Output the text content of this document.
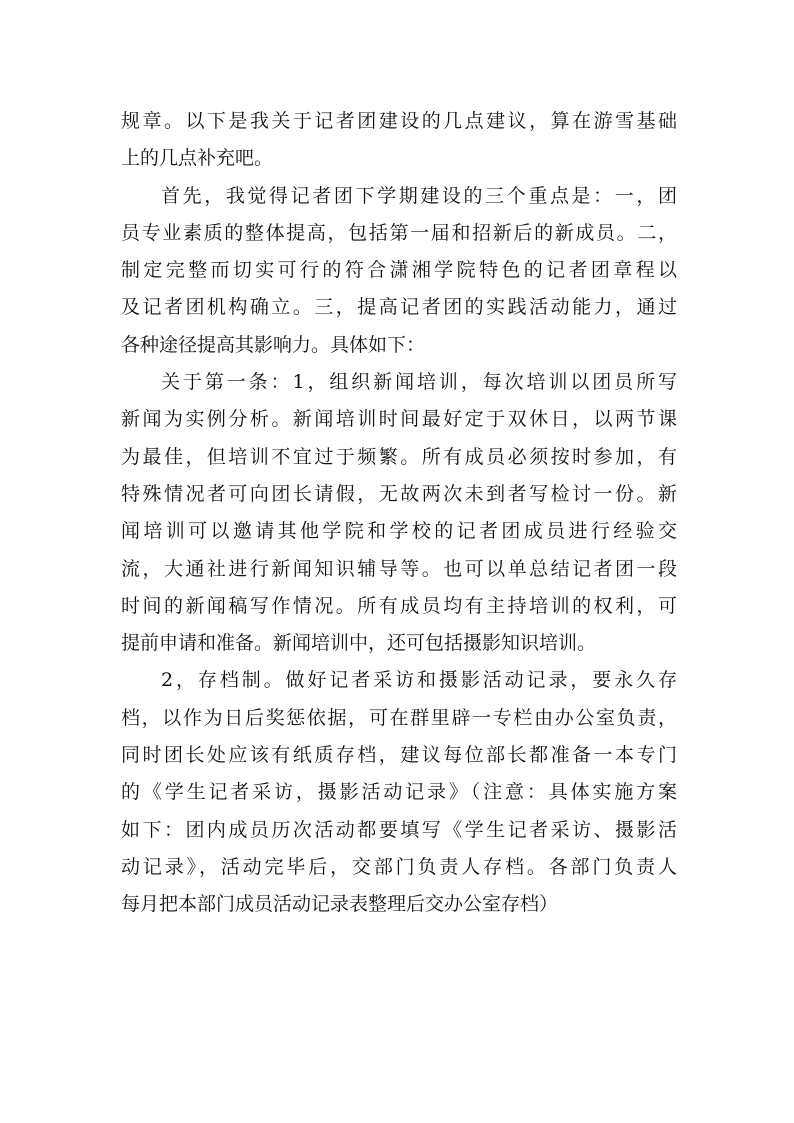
规章。以下是我关于记者团建设的几点建议，算在游雪基础
上的几点补充吧。
首先，我觉得记者团下学期建设的三个重点是：一，团
员专业素质的整体提高，包括第一届和招新后的新成员。二，
制定完整而切实可行的符合潇湘学院特色的记者团章程以
及记者团机构确立。三，提高记者团的实践活动能力，通过
各种途径提高其影响力。具体如下：
关于第一条：1，组织新闻培训，每次培训以团员所写
新闻为实例分析。新闻培训时间最好定于双休日，以两节课
为最佳，但培训不宜过于频繁。所有成员必须按时参加，有
特殊情况者可向团长请假，无故两次未到者写检讨一份。新
闻培训可以邀请其他学院和学校的记者团成员进行经验交
流，大通社进行新闻知识辅导等。也可以单总结记者团一段
时间的新闻稿写作情况。所有成员均有主持培训的权利，可
提前申请和准备。新闻培训中，还可包括摄影知识培训。
2，存档制。做好记者采访和摄影活动记录，要永久存
档，以作为日后奖惩依据，可在群里辟一专栏由办公室负责，
同时团长处应该有纸质存档，建议每位部长都准备一本专门
的《学生记者采访，摄影活动记录》（注意：具体实施方案
如下：团内成员历次活动都要填写《学生记者采访、摄影活
动记录》，活动完毕后，交部门负责人存档。各部门负责人
每月把本部门成员活动记录表整理后交办公室存档）
